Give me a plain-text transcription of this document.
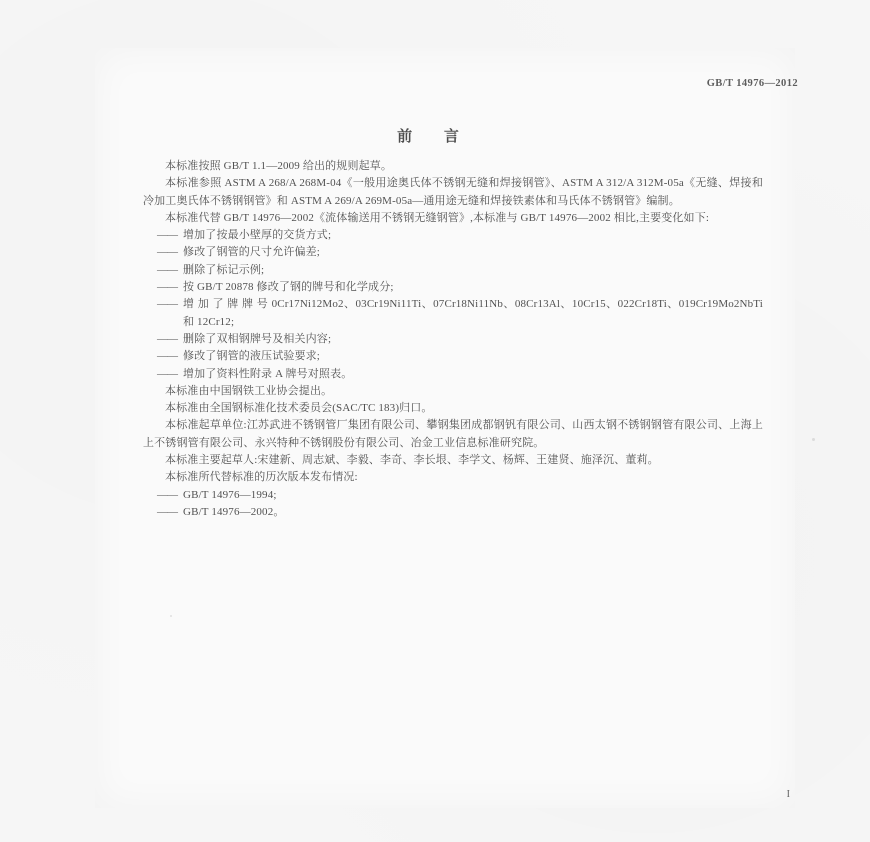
GB/T 14976—2012
前 言

本标准按照 GB/T 1.1—2009 给出的规则起草。

本标准参照 ASTM A 268/A 268M-04《一般用途奥氏体不锈钢无缝和焊接钢管》、ASTM A 312/A 312M-05a《无缝、焊接和冷加工奥氏体不锈钢钢管》和 ASTM A 269/A 269M-05a—通用途无缝和焊接铁素体和马氏体不锈钢管》编制。

本标准代替 GB/T 14976—2002《流体输送用不锈钢无缝钢管》,本标准与 GB/T 14976—2002 相比,主要变化如下:

—— 增加了按最小壁厚的交货方式;

—— 修改了钢管的尺寸允许偏差;

—— 删除了标记示例;

—— 按 GB/T 20878 修改了钢的牌号和化学成分;

—— 增 加 了 牌 牌 号 0Cr17Ni12Mo2、03Cr19Ni11Ti、07Cr18Ni11Nb、08Cr13Al、10Cr15、022Cr18Ti、019Cr19Mo2NbTi 和 12Cr12;

—— 删除了双相钢牌号及相关内容;

—— 修改了钢管的液压试验要求;

—— 增加了资料性附录 A 牌号对照表。

本标准由中国钢铁工业协会提出。

本标准由全国钢标准化技术委员会(SAC/TC 183)归口。

本标准起草单位:江苏武进不锈钢管厂集团有限公司、攀钢集团成都钢钒有限公司、山西太钢不锈钢钢管有限公司、上海上上不锈钢管有限公司、永兴特种不锈钢股份有限公司、冶金工业信息标准研究院。

本标准主要起草人:宋建新、周志斌、李毅、李奇、李长垠、李学文、杨辉、王建贤、施泽沉、董莉。

本标准所代替标准的历次版本发布情况:

—— GB/T 14976—1994;

—— GB/T 14976—2002。

I
